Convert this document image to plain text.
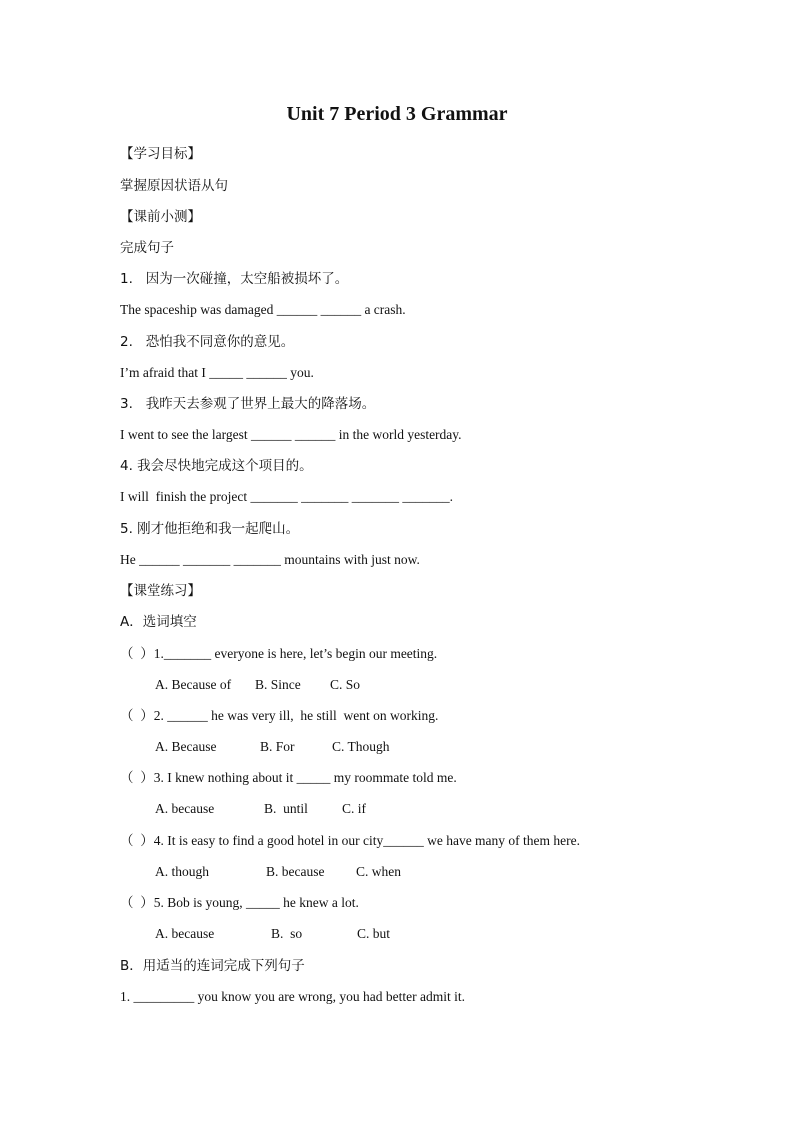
Unit 7 Period 3 Grammar
【学习目标】
掌握原因状语从句
【课前小测】
完成句子
1.   因为一次碰撞，太空船被损坏了。
The spaceship was damaged ______ ______ a crash.
2.   恐怕我不同意你的意见。
I’m afraid that I _____ ______ you.
3.   我昨天去参观了世界上最大的降落场。
I went to see the largest ______ ______ in the world yesterday.
4. 我会尽快地完成这个项目的。
I will  finish the project _______ _______ _______ _______.
5. 刚才他拒绝和我一起爬山。
He ______ _______ _______ mountains with just now.
【课堂练习】
A．选词填空
（  ）1._______ everyone is here, let’s begin our meeting.
A. Because of B. Since C. So
（  ）2. ______ he was very ill,  he still  went on working.
A. Because	B. For	C. Though
（  ）3. I knew nothing about it _____ my roommate told me.
A. because	B.  until	C. if
（  ）4. It is easy to find a good hotel in our city______ we have many of them here.
A. though	B. because C. when
（  ）5. Bob is young, _____ he knew a lot.
A. because	B.  so	C. but
B．用适当的连词完成下列句子
1. _________ you know you are wrong, you had better admit it.
